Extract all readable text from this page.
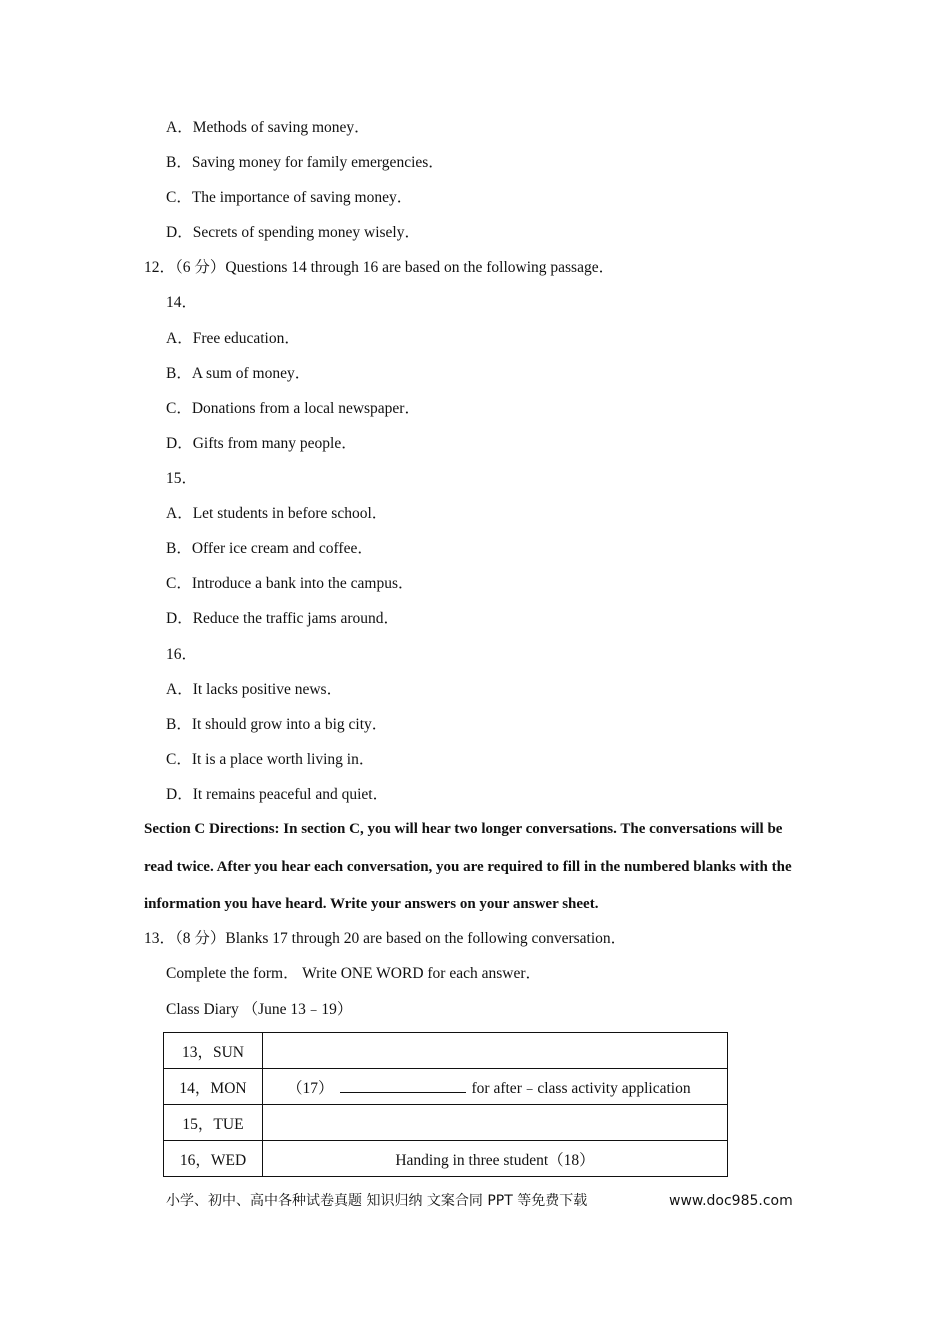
A．Methods of saving money．
B．Saving money for family emergencies．
C．The importance of saving money．
D．Secrets of spending money wisely．
12．（6 分）Questions 14 through 16 are based on the following passage．
14．
A．Free education．
B．A sum of money．
C．Donations from a local newspaper．
D．Gifts from many people．
15．
A．Let students in before school．
B．Offer ice cream and coffee．
C．Introduce a bank into the campus．
D．Reduce the traffic jams around．
16．
A．It lacks positive news．
B．It should grow into a big city．
C．It is a place worth living in．
D．It remains peaceful and quiet．
Section C Directions: In section C, you will hear two longer conversations. The conversations will be read twice. After you hear each conversation, you are required to fill in the numbered blanks with the information you have heard. Write your answers on your answer sheet.
13．（8 分）Blanks 17 through 20 are based on the following conversation．
Complete the form． Write ONE WORD for each answer．
Class Diary （June 13﹣19）
13，SUN	
14，MON	（17） for after﹣class activity application
15，TUE	
16，WED	Handing in three student（18）
小学、初中、高中各种试卷真题 知识归纳 文案合同 PPT 等免费下载	www.doc985.com
